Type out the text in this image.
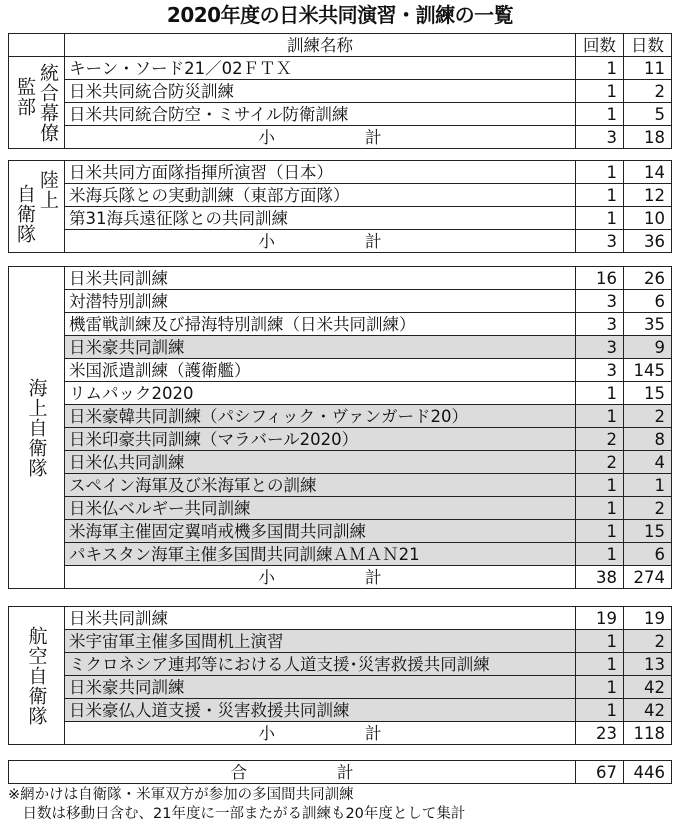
2020年度の日米共同演習・訓練の一覧
	訓練名称	回数	日数

統合幕僚
監部	キーン・ソード21／02ＦＴＸ	1	11
	日米共同統合防災訓練	1	2
	日米共同統合防空・ミサイル防衛訓練	1	5
	小 計	3	18
陸上
自衛隊	日米共同方面隊指揮所演習（日本）	1	14
	米海兵隊との実動訓練（東部方面隊）	1	12
	第31海兵遠征隊との共同訓練	1	10
	小 計	3	36
海上自衛隊	日米共同訓練	16	26
	対潜特別訓練	3	6
	機雷戦訓練及び掃海特別訓練（日米共同訓練）	3	35
	日米豪共同訓練	3	9
	米国派遣訓練（護衛艦）	3	145
	リムパック2020	1	15
	日米豪韓共同訓練（パシフィック・ヴァンガード20）	1	2
	日米印豪共同訓練（マラバール2020）	2	8
	日米仏共同訓練	2	4
	スペイン海軍及び米海軍との訓練	1	1
	日米仏ベルギー共同訓練	1	2
	米海軍主催固定翼哨戒機多国間共同訓練	1	15
	パキスタン海軍主催多国間共同訓練ＡＭＡＮ21	1	6
	小 計	38	274
航空自衛隊	日米共同訓練	19	19
	米宇宙軍主催多国間机上演習	1	2
	ミクロネシア連邦等における人道支援･災害救援共同訓練	1	13
	日米豪共同訓練	1	42
	日米豪仏人道支援・災害救援共同訓練	1	42
	小 計	23	118
合	計	67	446
※網かけは自衛隊・米軍双方が参加の多国間共同訓練
　日数は移動日含む、21年度に一部またがる訓練も20年度として集計
